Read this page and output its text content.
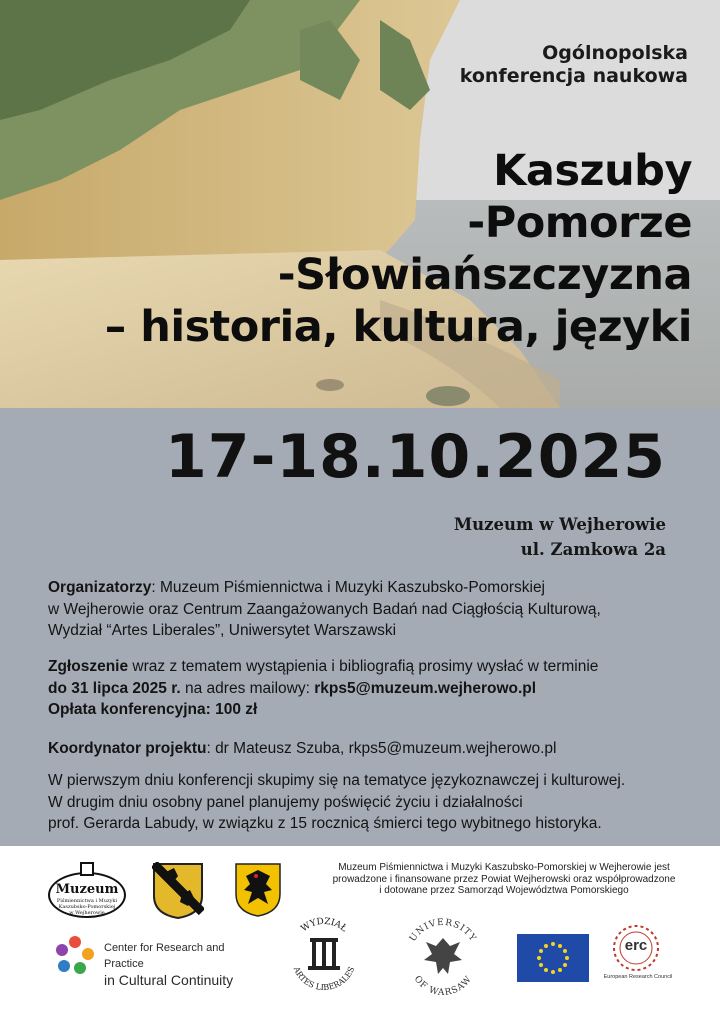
Ogólnopolska
konferencja naukowa
Kaszuby
-Pomorze
-Słowiańszczyzna
– historia, kultura, języki
17-18.10.2025
Muzeum w Wejherowie
ul. Zamkowa 2a

Organizatorzy: Muzeum Piśmiennictwa i Muzyki Kaszubsko-Pomorskiej

w Wejherowie oraz Centrum Zaangażowanych Badań nad Ciągłością Kulturową,

Wydział “Artes Liberales”, Uniwersytet Warszawski

Zgłoszenie wraz z tematem wystąpienia i bibliografią prosimy wysłać w terminie

do 31 lipca 2025 r. na adres mailowy: rkps5@muzeum.wejherowo.pl

Opłata konferencyjna: 100 zł

Koordynator projektu: dr Mateusz Szuba, rkps5@muzeum.wejherowo.pl

W pierwszym dniu konferencji skupimy się na tematyce językoznawczej i kulturowej.

W drugim dniu osobny panel planujemy poświęcić życiu i działalności

prof. Gerarda Labudy, w związku z 15 rocznicą śmierci tego wybitnego historyka.

Muzeum Piśmiennictwa i Muzyki Kaszubsko-Pomorskiej w Wejherowie jest
prowadzone i finansowane przez Powiat Wejherowski oraz współprowadzone
i dotowane przez Samorząd Województwa Pomorskiego
Muzeum
Piśmiennictwa i Muzyki
Kaszubsko-Pomorskiej
w Wejherowie
Center for Research and Practice
in Cultural Continuity
WYDZIAŁ
ARTES LIBERALES
UNIVERSITY
OF WARSAW
erc
European Research Council
